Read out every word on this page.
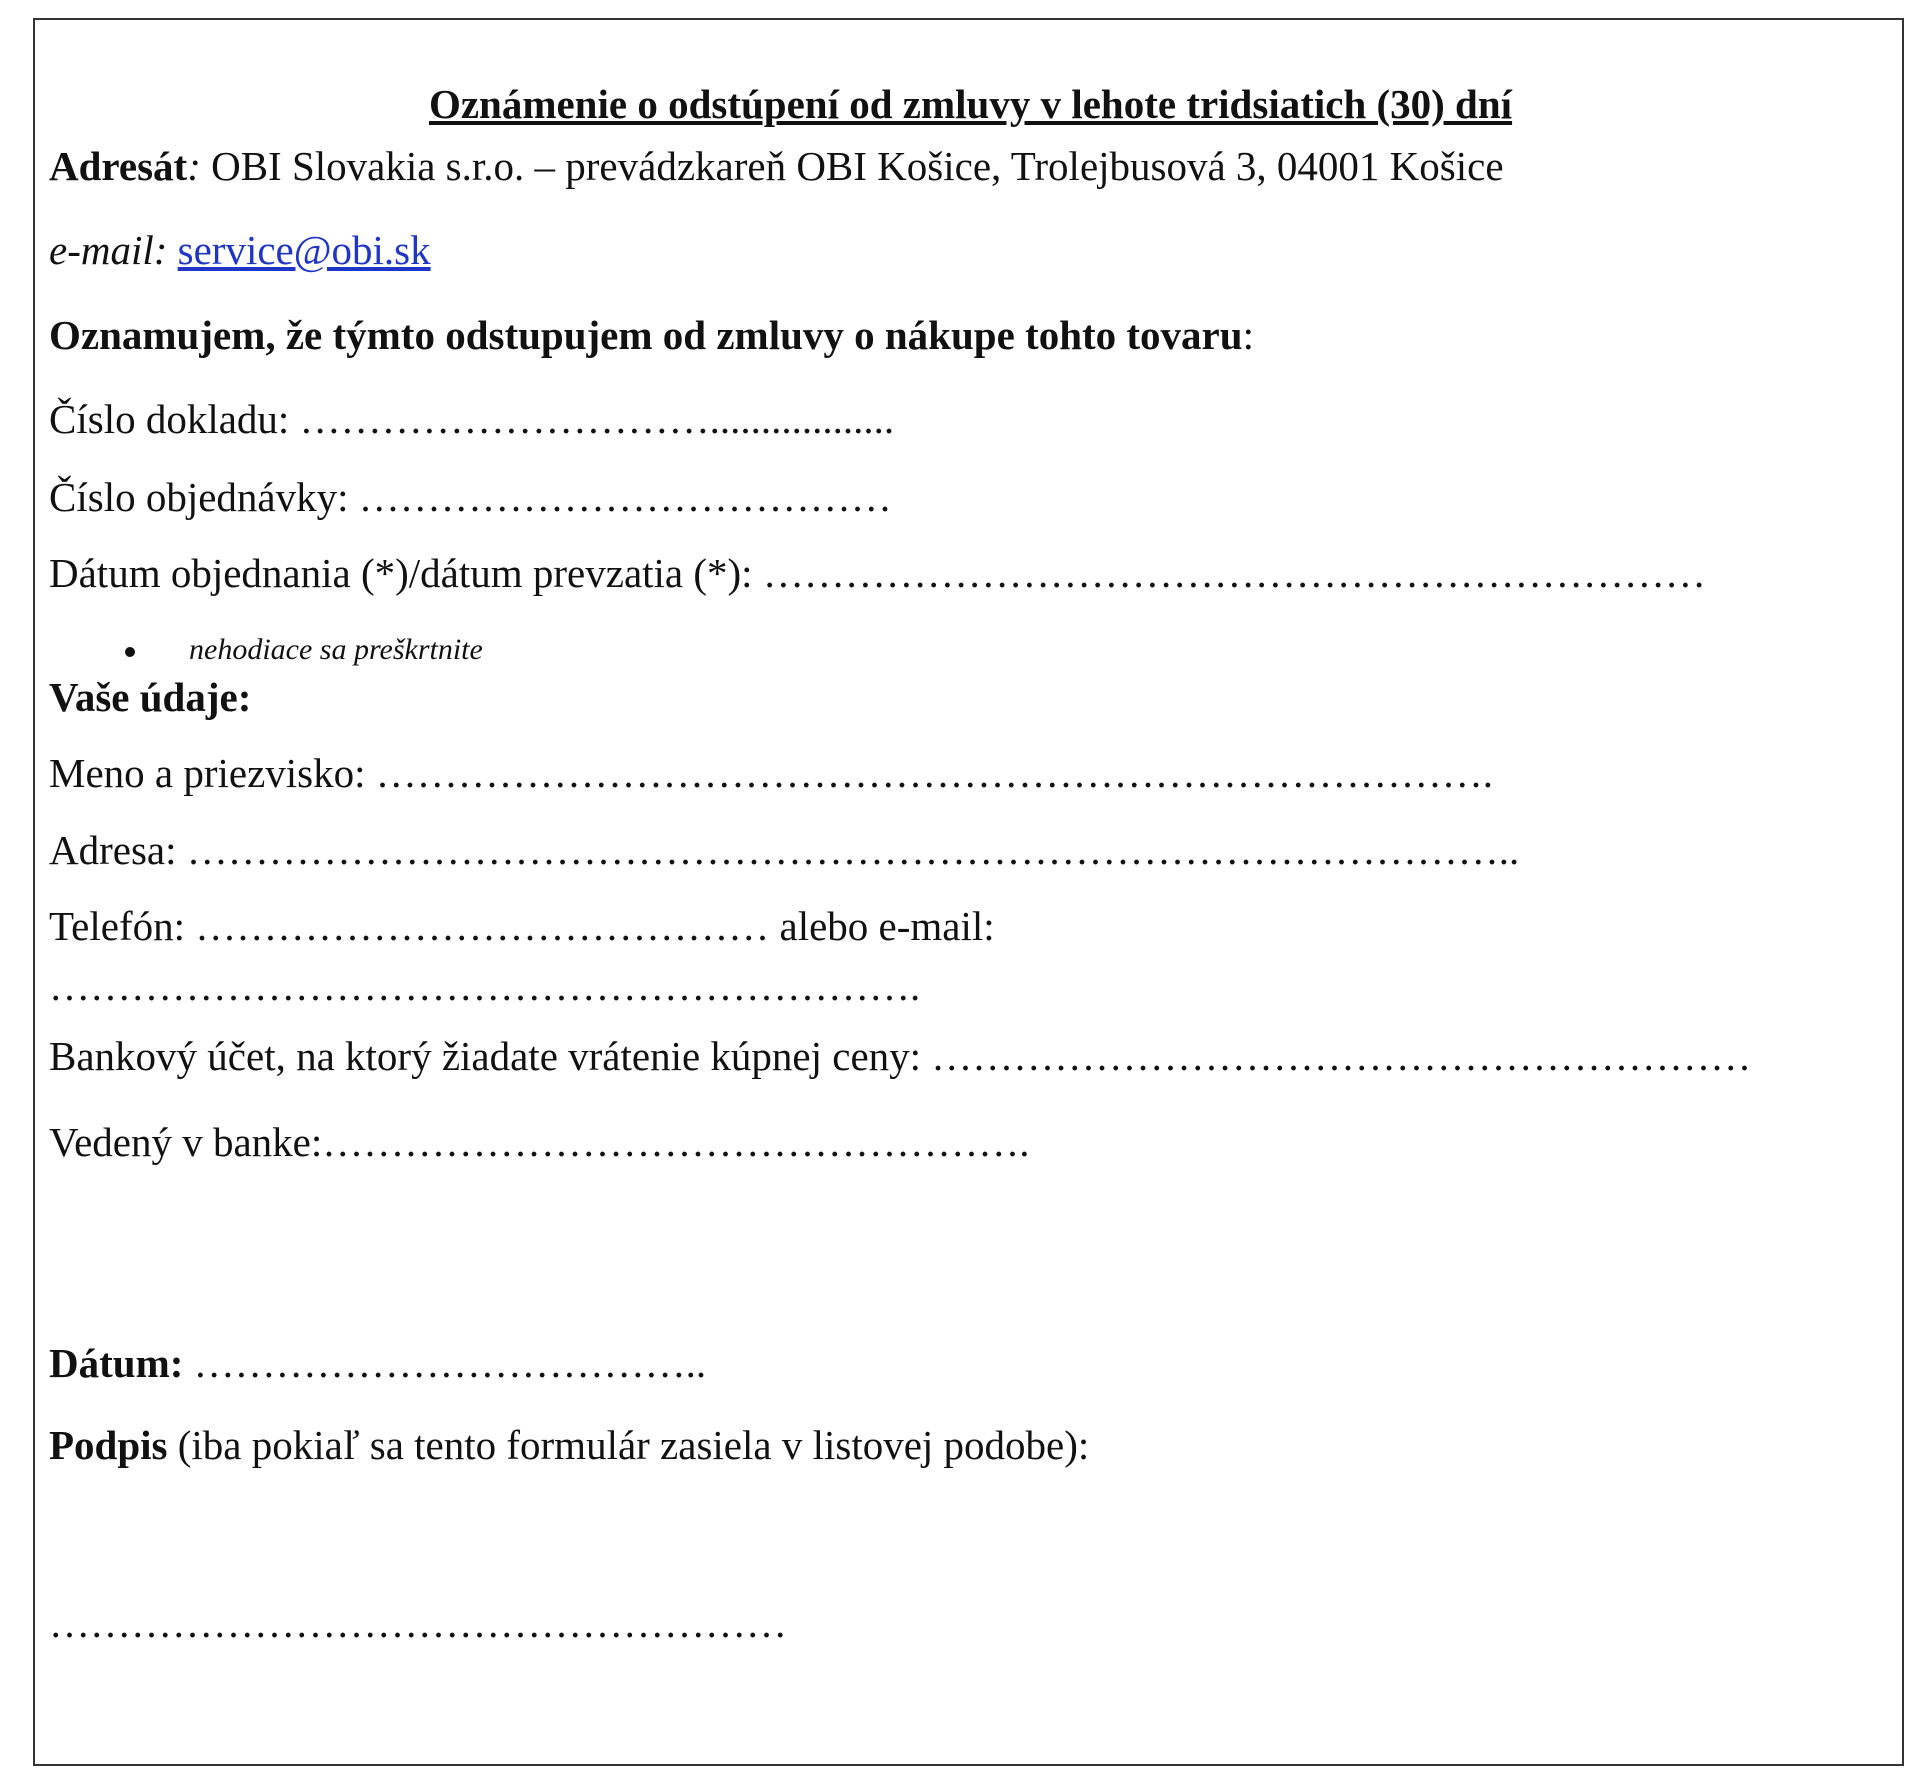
Oznámenie o odstúpení od zmluvy v lehote tridsiatich (30) dní
Adresát: OBI Slovakia s.r.o. – prevádzkareň OBI Košice, Trolejbusová 3, 04001 Košice
e-mail: service@obi.sk
Oznamujem, že týmto odstupujem od zmluvy o nákupe tohto tovaru:
Číslo dokladu: …………………………..................
Číslo objednávky: …………………………………
Dátum objednania (*)/dátum prevzatia (*): ……………………………………………………………
nehodiace sa preškrtnite
Vaše údaje:
Meno a priezvisko: ……………………………………………………………………….
Adresa: ……………………………………………………………………………………..
Telefón: …………………………………… alebo e-mail:
……………………………………………………….
Bankový účet, na ktorý žiadate vrátenie kúpnej ceny: ……………………………………………………
Vedený v banke:…………………………………………….
Dátum: ………………………………..
Podpis (iba pokiaľ sa tento formulár zasiela v listovej podobe):
………………………………………………
